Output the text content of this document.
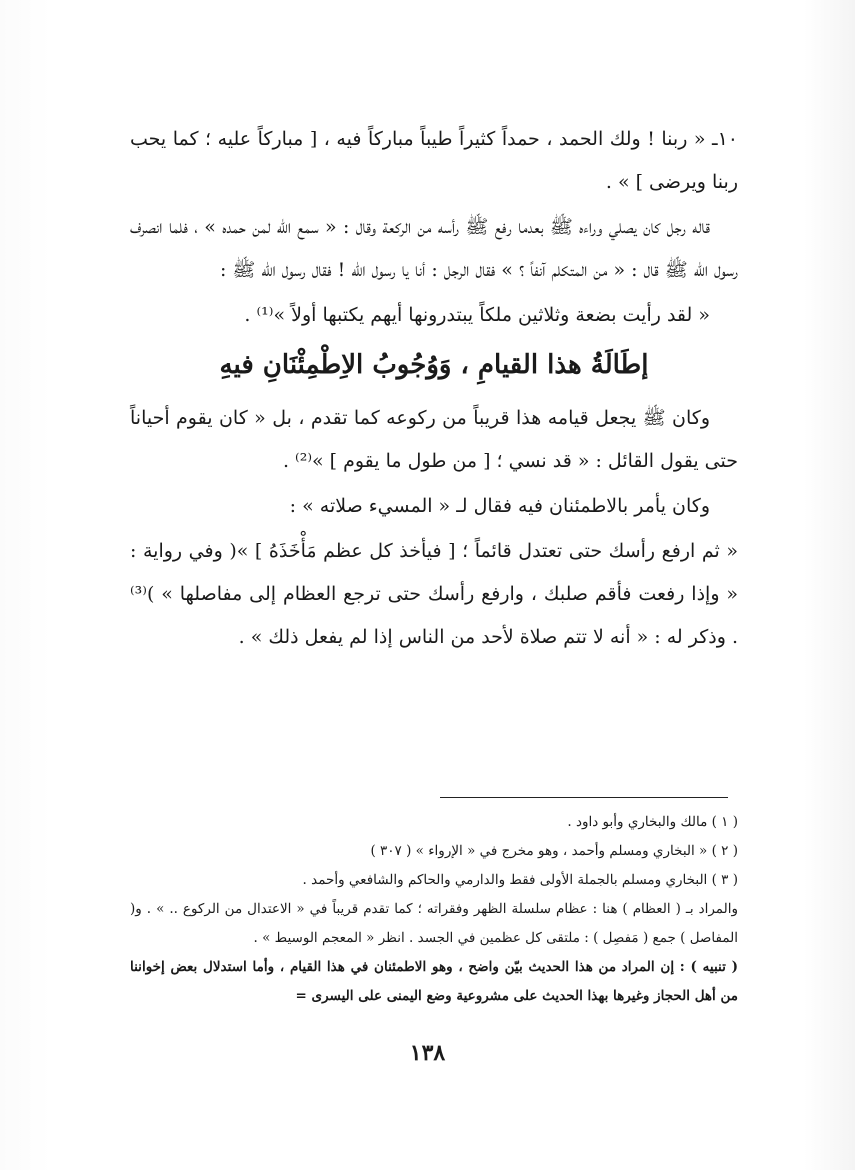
١٠ـ « ربنا ! ولك الحمد ، حمداً كثيراً طيباً مباركاً فيه ، [ مباركاً عليه ؛ كما يحب ربنا ويرضى ] » .

قاله رجل كان يصلي وراءه ﷺ بعدما رفع ﷺ رأسه من الركعة وقال : « سمع الله لمن حمده » ، فلما انصرف رسول الله ﷺ قال : « من المتكلم آنفاً ؟ » فقال الرجل : أنا يا رسول الله ! فقال رسول الله ﷺ :

« لقد رأيت بضعة وثلاثين ملكاً يبتدرونها أيهم يكتبها أولاً »⁽¹⁾ .

إطَالَةُ هذا القيامِ ، وَوُجُوبُ الاِطْمِئْنَانِ فيهِ

وكان ﷺ يجعل قيامه هذا قريباً من ركوعه كما تقدم ، بل « كان يقوم أحياناً حتى يقول القائل : « قد نسي ؛ [ من طول ما يقوم ] »⁽²⁾ .

وكان يأمر بالاطمئنان فيه فقال لـ « المسيء صلاته » :

« ثم ارفع رأسك حتى تعتدل قائماً ؛ [ فيأخذ كل عظم مَأْخَذَهُ ] »( وفي رواية : « وإذا رفعت فأقم صلبك ، وارفع رأسك حتى ترجع العظام إلى مفاصلها » )⁽³⁾ . وذكر له : « أنه لا تتم صلاة لأحد من الناس إذا لم يفعل ذلك » .

( ١ ) مالك والبخاري وأبو داود .

( ٢ ) « البخاري ومسلم وأحمد ، وهو مخرج في « الإرواء » ( ٣٠٧ )

( ٣ ) البخاري ومسلم بالجملة الأولى فقط والدارمي والحاكم والشافعي وأحمد .

والمراد بـ ( العظام ) هنا : عظام سلسلة الظهر وفقراته ؛ كما تقدم قريباً في « الاعتدال من الركوع .. » . و( المفاصل ) جمع ( مَفصِل ) : ملتقى كل عظمين في الجسد . انظر « المعجم الوسيط » .

( تنبيه ) : إن المراد من هذا الحديث بيّن واضح ، وهو الاطمئنان في هذا القيام ، وأما استدلال بعض إخواننا من أهل الحجاز وغيرها بهذا الحديث على مشروعية وضع اليمنى على اليسرى =

١٣٨
